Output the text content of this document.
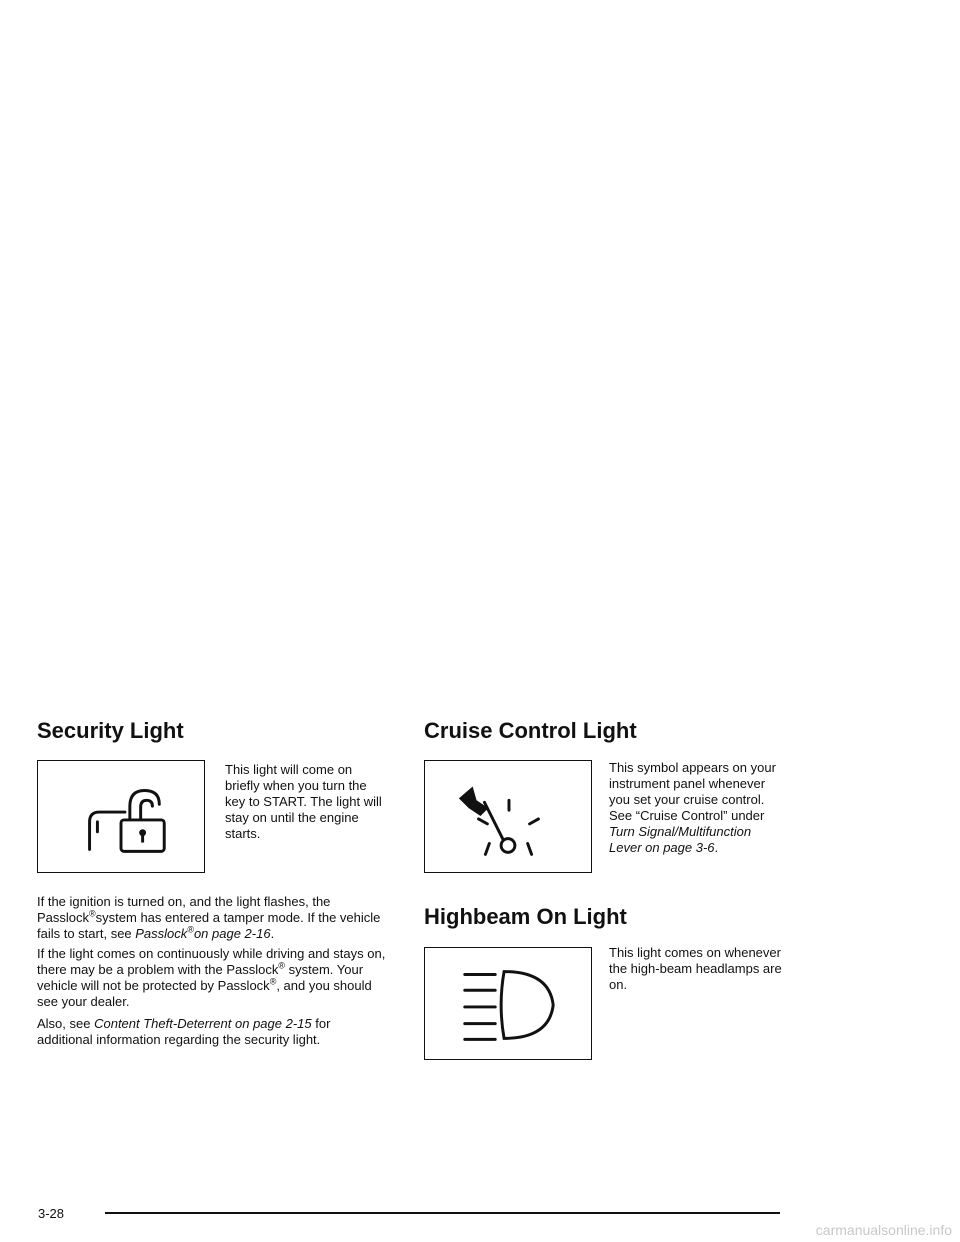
Security Light

This light will come on briefly when you turn the key to START. The light will stay on until the engine starts.

If the ignition is turned on, and the light flashes, the Passlock®system has entered a tamper mode. If the vehicle fails to start, see Passlock®on page 2-16.

If the light comes on continuously while driving and stays on, there may be a problem with the Passlock® system. Your vehicle will not be protected by Passlock®, and you should see your dealer.

Also, see Content Theft-Deterrent on page 2-15 for additional information regarding the security light.

Cruise Control Light

This symbol appears on your instrument panel whenever you set your cruise control. See “Cruise Control” under Turn Signal/Multifunction Lever on page 3-6.

Highbeam On Light

This light comes on whenever the high-beam headlamps are on.

3-28
carmanualsonline.info
